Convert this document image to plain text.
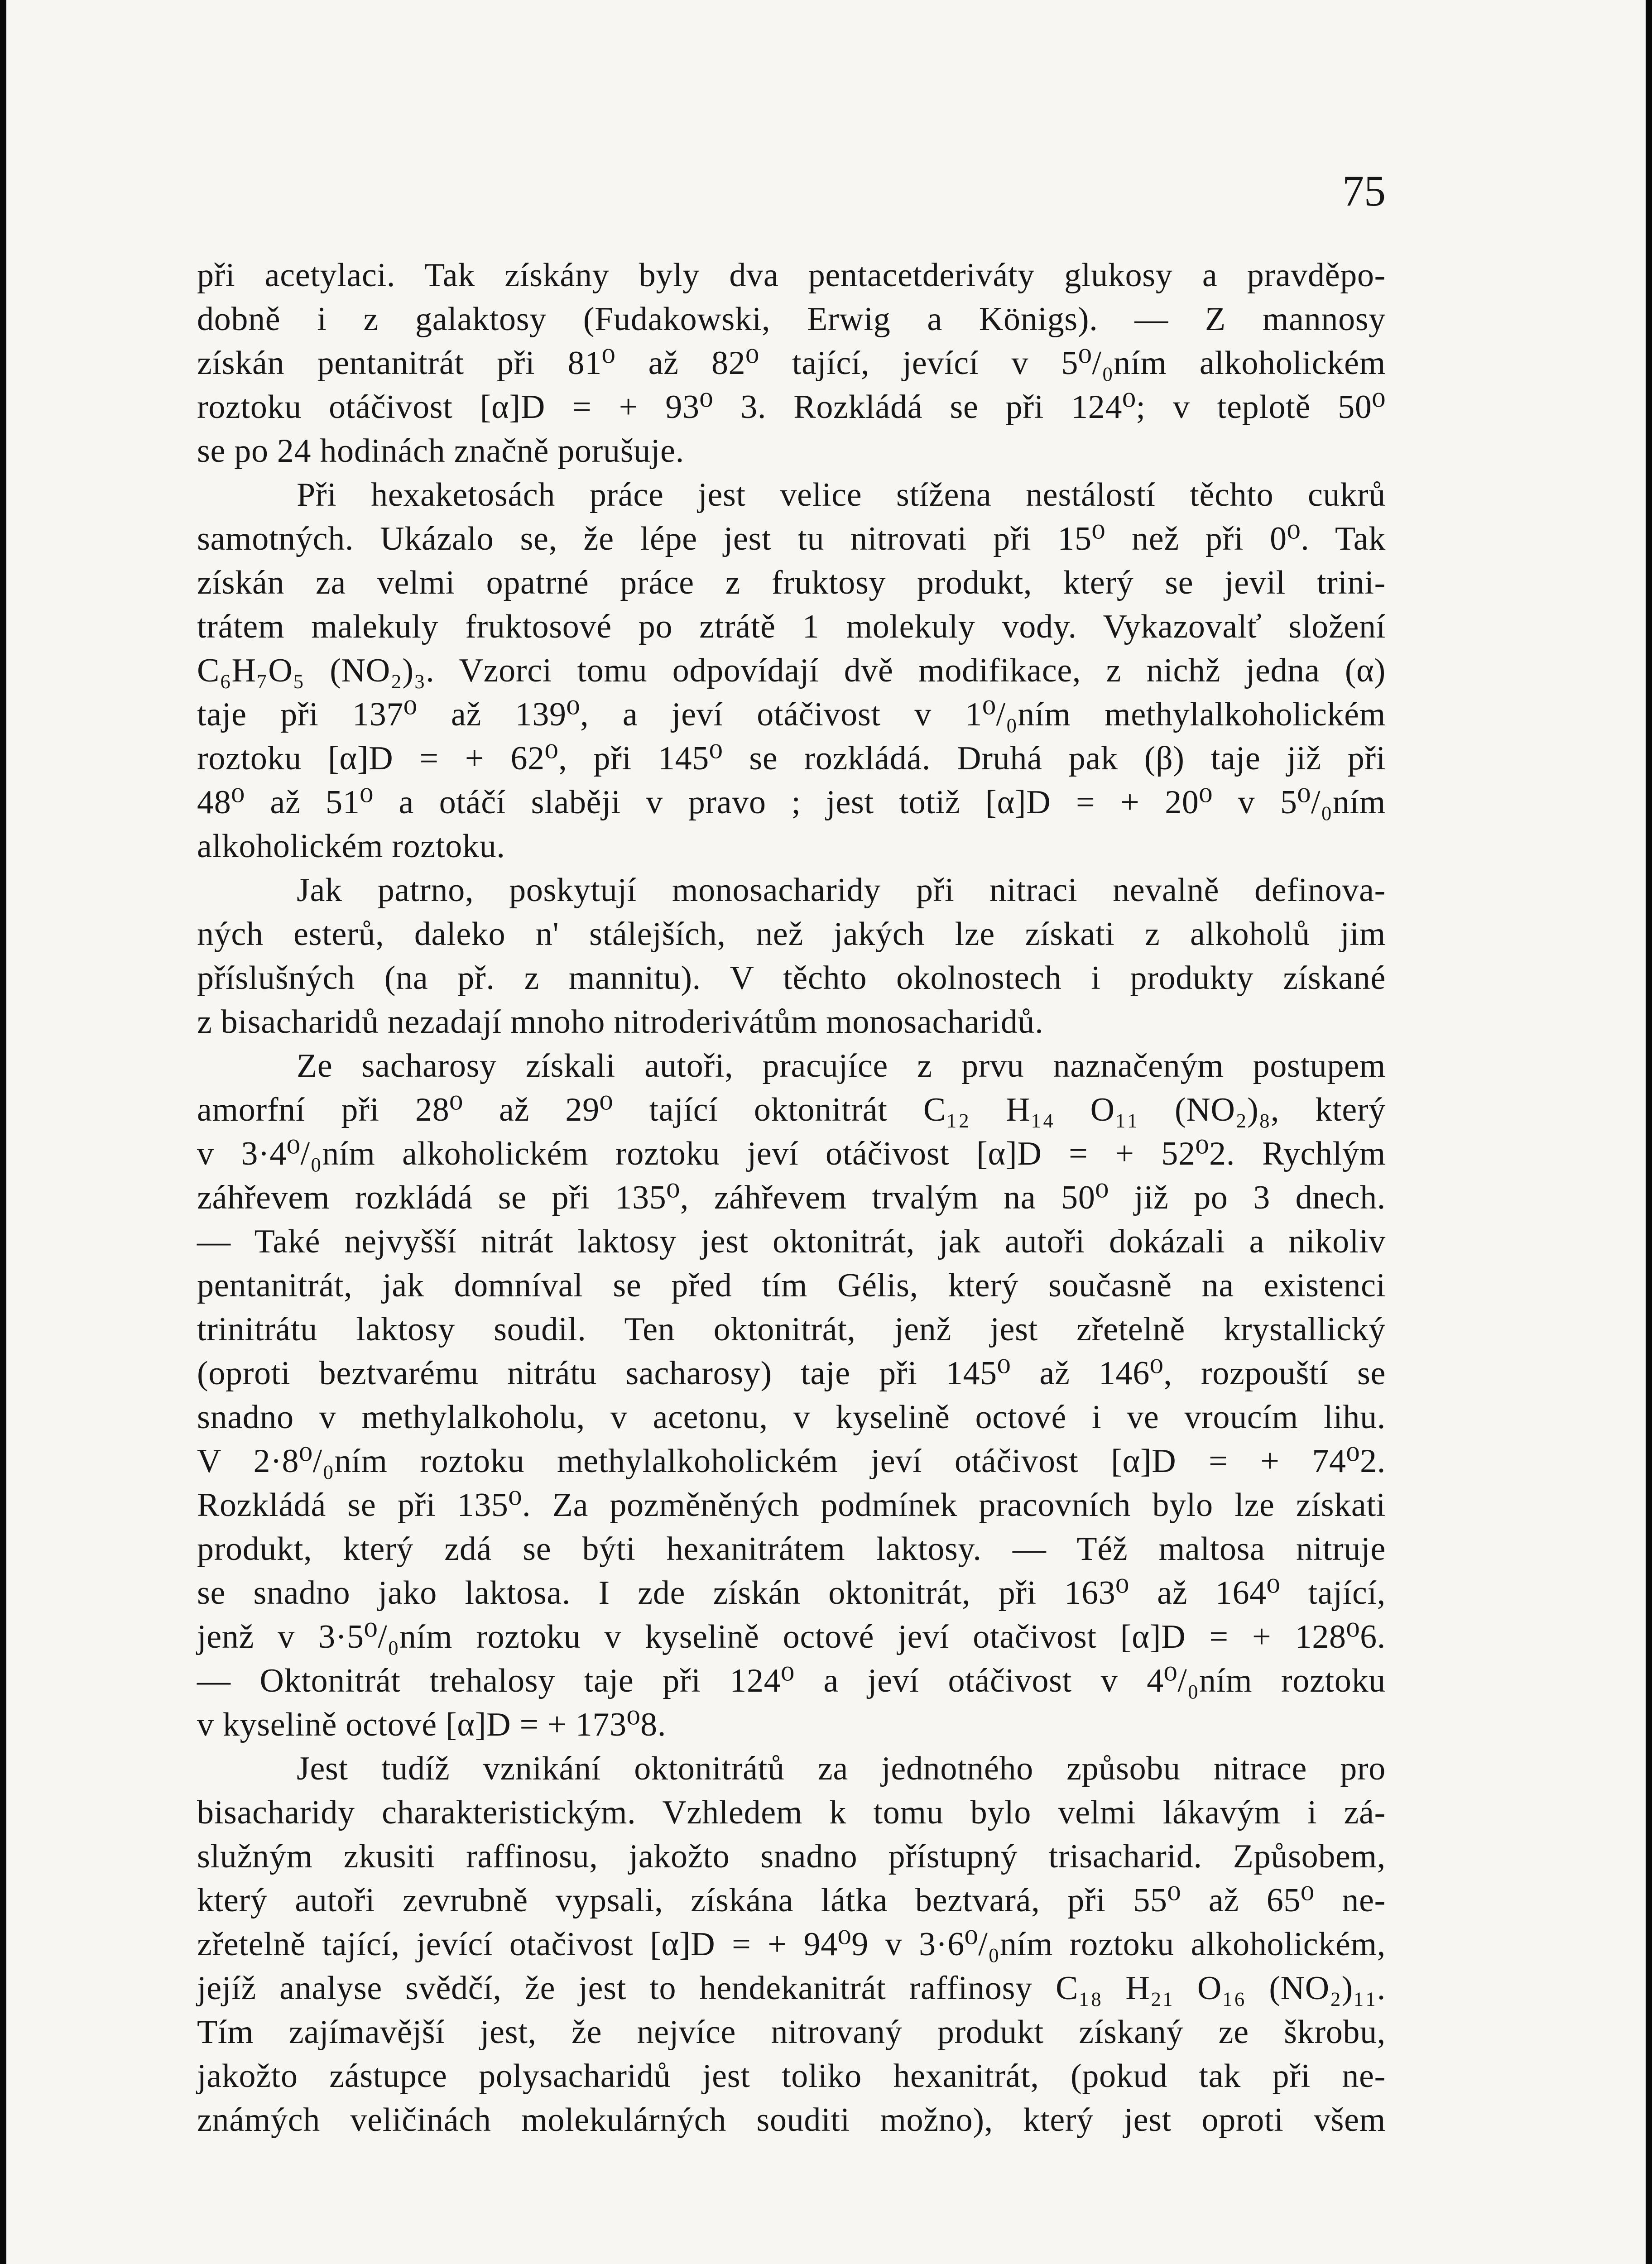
75

při acetylaci. Tak získány byly dva pentacetderiváty glukosy a pravděpo-
dobně i z galaktosy (Fudakowski, Erwig a Königs). — Z mannosy
získán pentanitrát při 81⁰ až 82⁰ tající, jevící v 5⁰/₀ním alkoholickém
roztoku otáčivost [α]D = + 93⁰ 3. Rozkládá se při 124⁰; v teplotě 50⁰
se po 24 hodinách značně porušuje.

Při hexaketosách práce jest velice stížena nestálostí těchto cukrů
samotných. Ukázalo se, že lépe jest tu nitrovati při 15⁰ než při 0⁰. Tak
získán za velmi opatrné práce z fruktosy produkt, který se jevil trini-
trátem malekuly fruktosové po ztrátě 1 molekuly vody. Vykazovalť složení
C₆H₇O₅ (NO₂)₃. Vzorci tomu odpovídají dvě modifikace, z nichž jedna (α)
taje při 137⁰ až 139⁰, a jeví otáčivost v 1⁰/₀ním methylalkoholickém
roztoku [α]D = + 62⁰, při 145⁰ se rozkládá. Druhá pak (β) taje již při
48⁰ až 51⁰ a otáčí slaběji v pravo ; jest totiž [α]D = + 20⁰ v 5⁰/₀ním
alkoholickém roztoku.

Jak patrno, poskytují monosacharidy při nitraci nevalně definova-
ných esterů, daleko n' stálejších, než jakých lze získati z alkoholů jim
příslušných (na př. z mannitu). V těchto okolnostech i produkty získané
z bisacharidů nezadají mnoho nitroderivátům monosacharidů.

Ze sacharosy získali autoři, pracujíce z prvu naznačeným postupem
amorfní při 28⁰ až 29⁰ tající oktonitrát C₁₂ H₁₄ O₁₁ (NO₂)₈, který
v 3·4⁰/₀ním alkoholickém roztoku jeví otáčivost [α]D = + 52⁰2. Rychlým
záhřevem rozkládá se při 135⁰, záhřevem trvalým na 50⁰ již po 3 dnech.
— Také nejvyšší nitrát laktosy jest oktonitrát, jak autoři dokázali a nikoliv
pentanitrát, jak domníval se před tím Gélis, který současně na existenci
trinitrátu laktosy soudil. Ten oktonitrát, jenž jest zřetelně krystallický
(oproti beztvarému nitrátu sacharosy) taje při 145⁰ až 146⁰, rozpouští se
snadno v methylalkoholu, v acetonu, v kyselině octové i ve vroucím lihu.
V 2·8⁰/₀ním roztoku methylalkoholickém jeví otáčivost [α]D = + 74⁰2.
Rozkládá se při 135⁰. Za pozměněných podmínek pracovních bylo lze získati
produkt, který zdá se býti hexanitrátem laktosy. — Též maltosa nitruje
se snadno jako laktosa. I zde získán oktonitrát, při 163⁰ až 164⁰ tající,
jenž v 3·5⁰/₀ním roztoku v kyselině octové jeví otačivost [α]D = + 128⁰6.
— Oktonitrát trehalosy taje při 124⁰ a jeví otáčivost v 4⁰/₀ním roztoku
v kyselině octové [α]D = + 173⁰8.

Jest tudíž vznikání oktonitrátů za jednotného způsobu nitrace pro
bisacharidy charakteristickým. Vzhledem k tomu bylo velmi lákavým i zá-
služným zkusiti raffinosu, jakožto snadno přístupný trisacharid. Způsobem,
který autoři zevrubně vypsali, získána látka beztvará, při 55⁰ až 65⁰ ne-
zřetelně tající, jevící otačivost [α]D = + 94⁰9 v 3·6⁰/₀ním roztoku alkoholickém,
jejíž analyse svědčí, že jest to hendekanitrát raffinosy C₁₈ H₂₁ O₁₆ (NO₂)₁₁.
Tím zajímavější jest, že nejvíce nitrovaný produkt získaný ze škrobu,
jakožto zástupce polysacharidů jest toliko hexanitrát, (pokud tak při ne-
známých veličinách molekulárných souditi možno), který jest oproti všem
